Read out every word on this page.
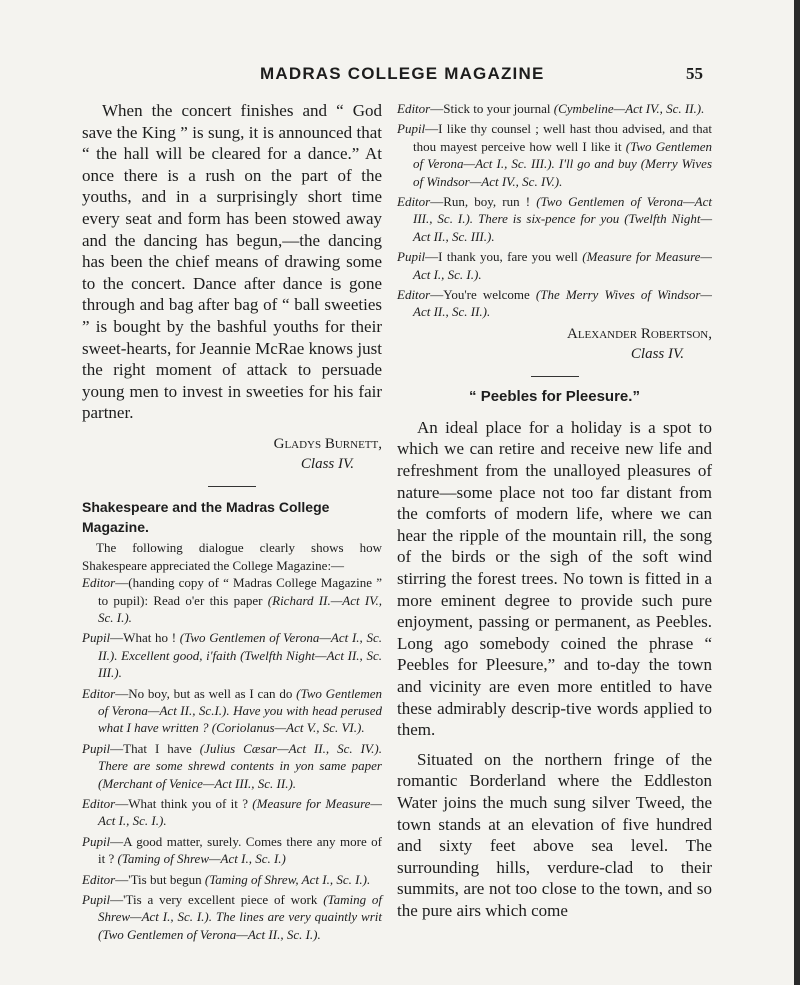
MADRAS COLLEGE MAGAZINE	55

When the concert finishes and “ God save the King ” is sung, it is announced that “ the hall will be cleared for a dance.” At once there is a rush on the part of the youths, and in a surprisingly short time every seat and form has been stowed away and the dancing has begun,—the dancing has been the chief means of drawing some to the concert. Dance after dance is gone through and bag after bag of “ ball sweeties ” is bought by the bashful youths for their sweet-hearts, for Jeannie McRae knows just the right moment of attack to persuade young men to invest in sweeties for his fair partner.

Gladys Burnett,
Class IV.
Shakespeare and the Madras College Magazine.

The following dialogue clearly shows how Shakespeare appreciated the College Magazine:—

Editor—(handing copy of “ Madras College Magazine ” to pupil): Read o'er this paper (Richard II.—Act IV., Sc. I.).

Pupil—What ho ! (Two Gentlemen of Verona—Act I., Sc. II.). Excellent good, i'faith (Twelfth Night—Act II., Sc. III.).

Editor—No boy, but as well as I can do (Two Gentlemen of Verona—Act II., Sc.I.). Have you with head perused what I have written ? (Coriolanus—Act V., Sc. VI.).

Pupil—That I have (Julius Cæsar—Act II., Sc. IV.). There are some shrewd contents in yon same paper (Merchant of Venice—Act III., Sc. II.).

Editor—What think you of it ? (Measure for Measure—Act I., Sc. I.).

Pupil—A good matter, surely. Comes there any more of it ? (Taming of Shrew—Act I., Sc. I.)

Editor—'Tis but begun (Taming of Shrew, Act I., Sc. I.).

Pupil—'Tis a very excellent piece of work (Taming of Shrew—Act I., Sc. I.). The lines are very quaintly writ (Two Gentlemen of Verona—Act II., Sc. I.).

Editor—Stick to your journal (Cymbeline—Act IV., Sc. II.).

Pupil—I like thy counsel ; well hast thou advised, and that thou mayest perceive how well I like it (Two Gentlemen of Verona—Act I., Sc. III.). I'll go and buy (Merry Wives of Windsor—Act IV., Sc. IV.).

Editor—Run, boy, run ! (Two Gentlemen of Verona—Act III., Sc. I.). There is six-pence for you (Twelfth Night—Act II., Sc. III.).

Pupil—I thank you, fare you well (Measure for Measure—Act I., Sc. I.).

Editor—You're welcome (The Merry Wives of Windsor—Act II., Sc. II.).

Alexander Robertson,
Class IV.
“ Peebles for Pleesure.”

An ideal place for a holiday is a spot to which we can retire and receive new life and refreshment from the unalloyed pleasures of nature—some place not too far distant from the comforts of modern life, where we can hear the ripple of the mountain rill, the song of the birds or the sigh of the soft wind stirring the forest trees. No town is fitted in a more eminent degree to provide such pure enjoyment, passing or permanent, as Peebles. Long ago somebody coined the phrase “ Peebles for Pleesure,” and to-day the town and vicinity are even more entitled to have these admirably descrip-tive words applied to them.

Situated on the northern fringe of the romantic Borderland where the Eddleston Water joins the much sung silver Tweed, the town stands at an elevation of five hundred and sixty feet above sea level. The surrounding hills, verdure-clad to their summits, are not too close to the town, and so the pure airs which come
